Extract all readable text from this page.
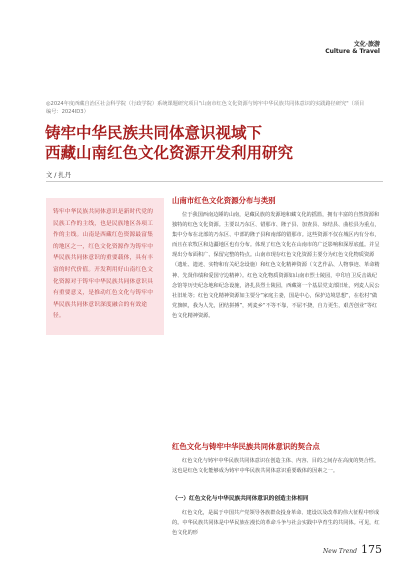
文化·旅游
Culture & Travel
◎2024年度西藏自治区社会科学院（行政学院）系统课题研究项目"山南市红色文化资源与铸牢中华民族共同体意识的实践路径研究"（项目编号：2024ID3）
铸牢中华民族共同体意识视域下
西藏山南红色文化资源开发利用研究
文 / 扎丹

铸牢中华民族共同体意识是新时代党的民族工作的主线，也是民族地区各项工作的主线。山南是西藏红色资源最富集的地区之一，红色文化资源作为铸牢中华民族共同体意识的重要载体，具有丰富的时代价值。开发利用好山南红色文化资源对于铸牢中华民族共同体意识具有重要意义，是推动红色文化与铸牢中华民族共同体意识深度融合的有效途径。

山南市红色文化资源分布与类别

位于我国西南边陲的山南，是藏民族的发源地和藏文化的摇篮，拥有丰富的自然资源和独特的红色文化资源。主要以乃东区、错那市、隆子县、加查县、琼结县、曲松县为重点，集中分布在北部的乃东区、中部的隆子县和南部的错那市。这些资源不仅在城区内有分布，而且在农牧区和边疆地区也有分布。体现了红色文化在山南市的广泛影响和深厚底蕴。并呈现出分布面积广、保留完整的特点。山南市现存红色文化资源主要分为红色文化物质资源（遗址、遗迹、实物和有关纪念设施）和红色文化精神资源（文艺作品、人物事迹、革命精神、先贤伟绩和爱国守边精神）。红色文化物质资源如山南市烈士陵园，中印自卫反击战纪念馆等历史纪念地和纪念设施，洛扎县烈士陵园，西藏第一个基层党支部旧址，列麦人民公社旧址等；红色文化精神资源如主要分“家庭主妻，国是中心，保护边境思想”，在松村“做党旗帜，我为人先，团结拼搏”，列麦乡“不等不靠，不屈不挠，自力更生，艰苦创业”等红色文化精神资源。

红色文化与铸牢中华民族共同体意识的契合点

红色文化与铸牢中华民族共同体意识在创造主体、内容、目的之间存在高度的契合性。这也是红色文化能够成为铸牢中华民族共同体意识重要载体的因素之一。

（一）红色文化与中华民族共同体意识的创造主体相同

红色文化，是属于中国共产党领导各族群众投身革命、建设以及改革的伟大征程中形成的。中华民族共同体是中华民族在漫长的革命斗争与社会实践中孕育生的共同体。可见，红色文化的形

New Trend 175
